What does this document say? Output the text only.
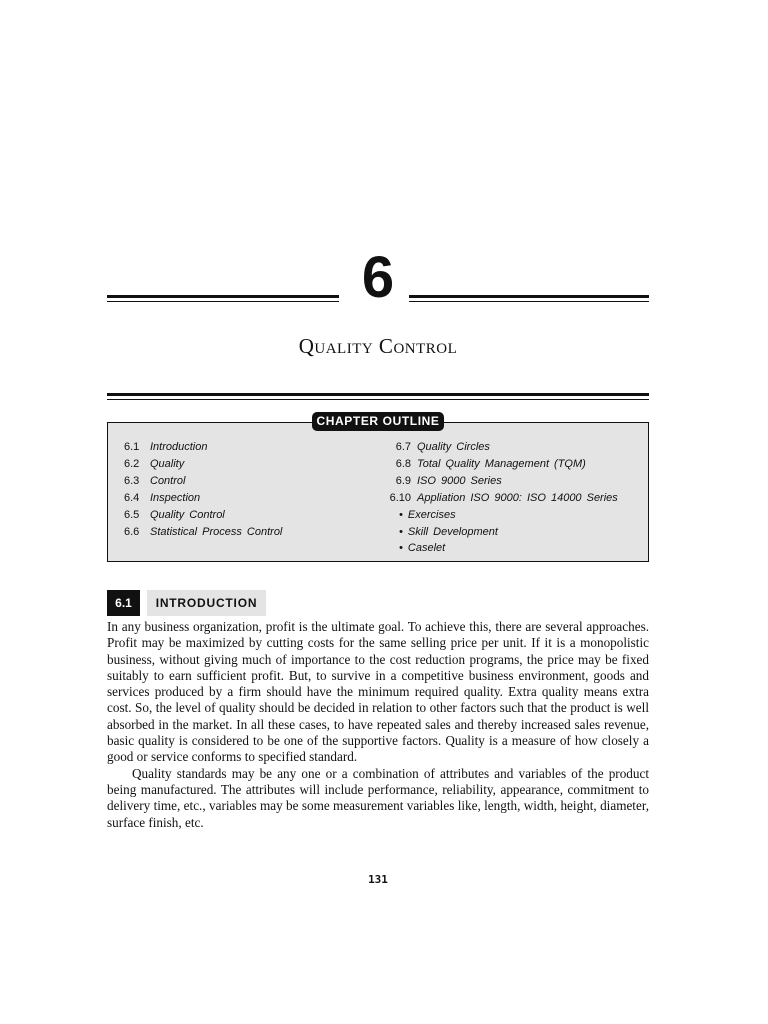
6
Quality Control
CHAPTER OUTLINE
6.1 Introduction
6.2 Quality
6.3 Control
6.4 Inspection
6.5 Quality Control
6.6 Statistical Process Control
6.7 Quality Circles
6.8 Total Quality Management (TQM)
6.9 ISO 9000 Series
6.10 Appliation ISO 9000: ISO 14000 Series
• Exercises
• Skill Development
• Caselet
6.1	INTRODUCTION

In any business organization, profit is the ultimate goal. To achieve this, there are several approaches. Profit may be maximized by cutting costs for the same selling price per unit. If it is a monopolistic business, without giving much of importance to the cost reduction programs, the price may be fixed suitably to earn sufficient profit. But, to survive in a competitive business environment, goods and services produced by a firm should have the minimum required quality. Extra quality means extra cost. So, the level of quality should be decided in relation to other factors such that the product is well absorbed in the market. In all these cases, to have repeated sales and thereby increased sales revenue, basic quality is considered to be one of the supportive factors. Quality is a measure of how closely a good or service conforms to specified standard.

Quality standards may be any one or a combination of attributes and variables of the product being manufactured. The attributes will include performance, reliability, appearance, commitment to delivery time, etc., variables may be some measurement variables like, length, width, height, diameter, surface finish, etc.

131
